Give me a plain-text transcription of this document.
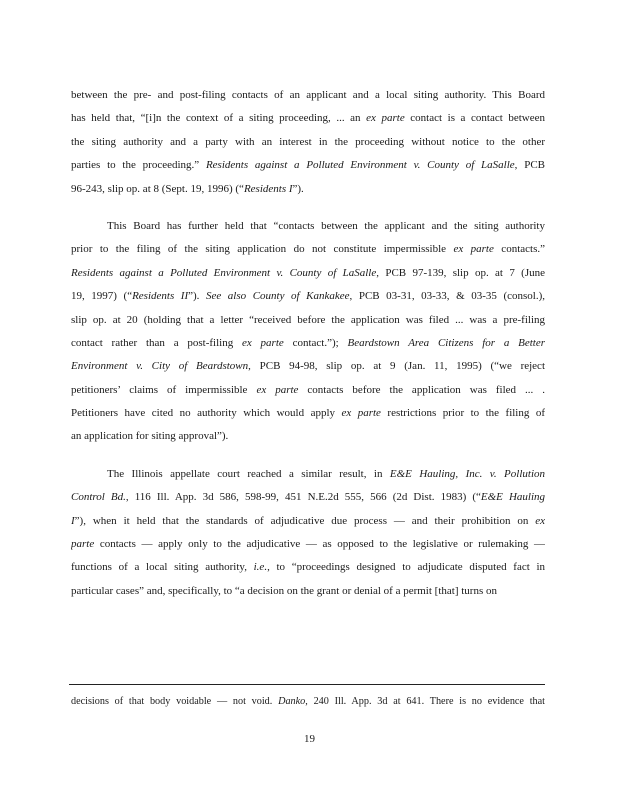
between the pre- and post-filing contacts of an applicant and a local siting authority. This Board
has held that, “[i]n the context of a siting proceeding, ... an ex parte contact is a contact between
the siting authority and a party with an interest in the proceeding without notice to the other
parties to the proceeding.” Residents against a Polluted Environment v. County of LaSalle, PCB
96-243, slip op. at 8 (Sept. 19, 1996) (“Residents I”).
This Board has further held that “contacts between the applicant and the siting authority
prior to the filing of the siting application do not constitute impermissible ex parte contacts.”
Residents against a Polluted Environment v. County of LaSalle, PCB 97-139, slip op. at 7 (June
19, 1997) (“Residents II”). See also County of Kankakee, PCB 03-31, 03-33, & 03-35 (consol.),
slip op. at 20 (holding that a letter “received before the application was filed ... was a pre-filing
contact rather than a post-filing ex parte contact.”); Beardstown Area Citizens for a Better
Environment v. City of Beardstown, PCB 94-98, slip op. at 9 (Jan. 11, 1995) (“we reject
petitioners’ claims of impermissible ex parte contacts before the application was filed ... .
Petitioners have cited no authority which would apply ex parte restrictions prior to the filing of
an application for siting approval”).
The Illinois appellate court reached a similar result, in E&E Hauling, Inc. v. Pollution
Control Bd., 116 Ill. App. 3d 586, 598-99, 451 N.E.2d 555, 566 (2d Dist. 1983) (“E&E Hauling
I”), when it held that the standards of adjudicative due process — and their prohibition on ex
parte contacts — apply only to the adjudicative — as opposed to the legislative or rulemaking —
functions of a local siting authority, i.e., to “proceedings designed to adjudicate disputed fact in
particular cases” and, specifically, to “a decision on the grant or denial of a permit [that] turns on
decisions of that body voidable — not void. Danko, 240 Ill. App. 3d at 641. There is no evidence that
19
